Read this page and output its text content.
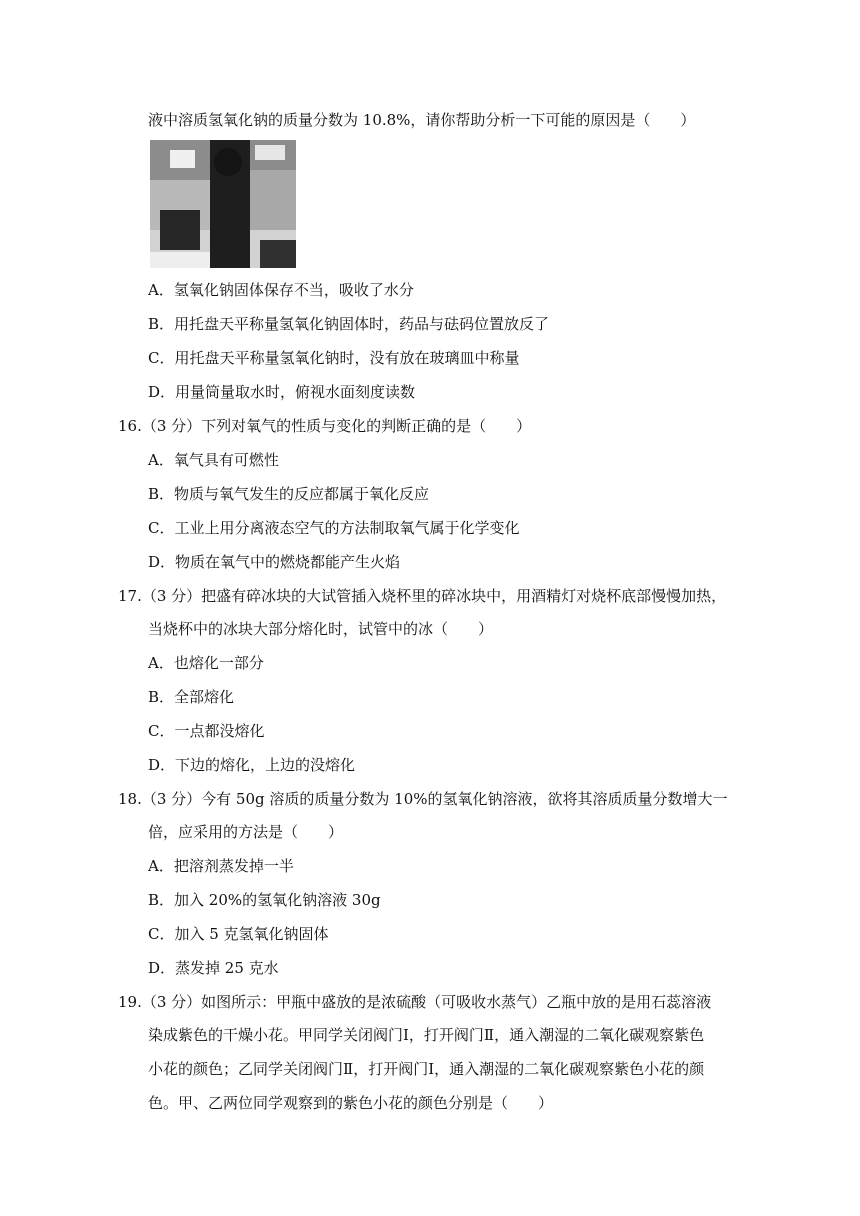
液中溶质氢氧化钠的质量分数为 10.8%，请你帮助分析一下可能的原因是（　　）
A．氢氧化钠固体保存不当，吸收了水分
B．用托盘天平称量氢氧化钠固体时，药品与砝码位置放反了
C．用托盘天平称量氢氧化钠时，没有放在玻璃皿中称量
D．用量筒量取水时，俯视水面刻度读数
16.（3 分）下列对氧气的性质与变化的判断正确的是（　　）
A．氧气具有可燃性
B．物质与氧气发生的反应都属于氧化反应
C．工业上用分离液态空气的方法制取氧气属于化学变化
D．物质在氧气中的燃烧都能产生火焰
17.（3 分）把盛有碎冰块的大试管插入烧杯里的碎冰块中，用酒精灯对烧杯底部慢慢加热，
当烧杯中的冰块大部分熔化时，试管中的冰（　　）
A．也熔化一部分
B．全部熔化
C．一点都没熔化
D．下边的熔化，上边的没熔化
18.（3 分）今有 50g 溶质的质量分数为 10%的氢氧化钠溶液，欲将其溶质质量分数增大一
倍，应采用的方法是（　　）
A．把溶剂蒸发掉一半
B．加入 20%的氢氧化钠溶液 30g
C．加入 5 克氢氧化钠固体
D．蒸发掉 25 克水
19.（3 分）如图所示：甲瓶中盛放的是浓硫酸（可吸收水蒸气）乙瓶中放的是用石蕊溶液
染成紫色的干燥小花。甲同学关闭阀门Ⅰ，打开阀门Ⅱ，通入潮湿的二氧化碳观察紫色
小花的颜色；乙同学关闭阀门Ⅱ，打开阀门Ⅰ，通入潮湿的二氧化碳观察紫色小花的颜
色。甲、乙两位同学观察到的紫色小花的颜色分别是（　　）
